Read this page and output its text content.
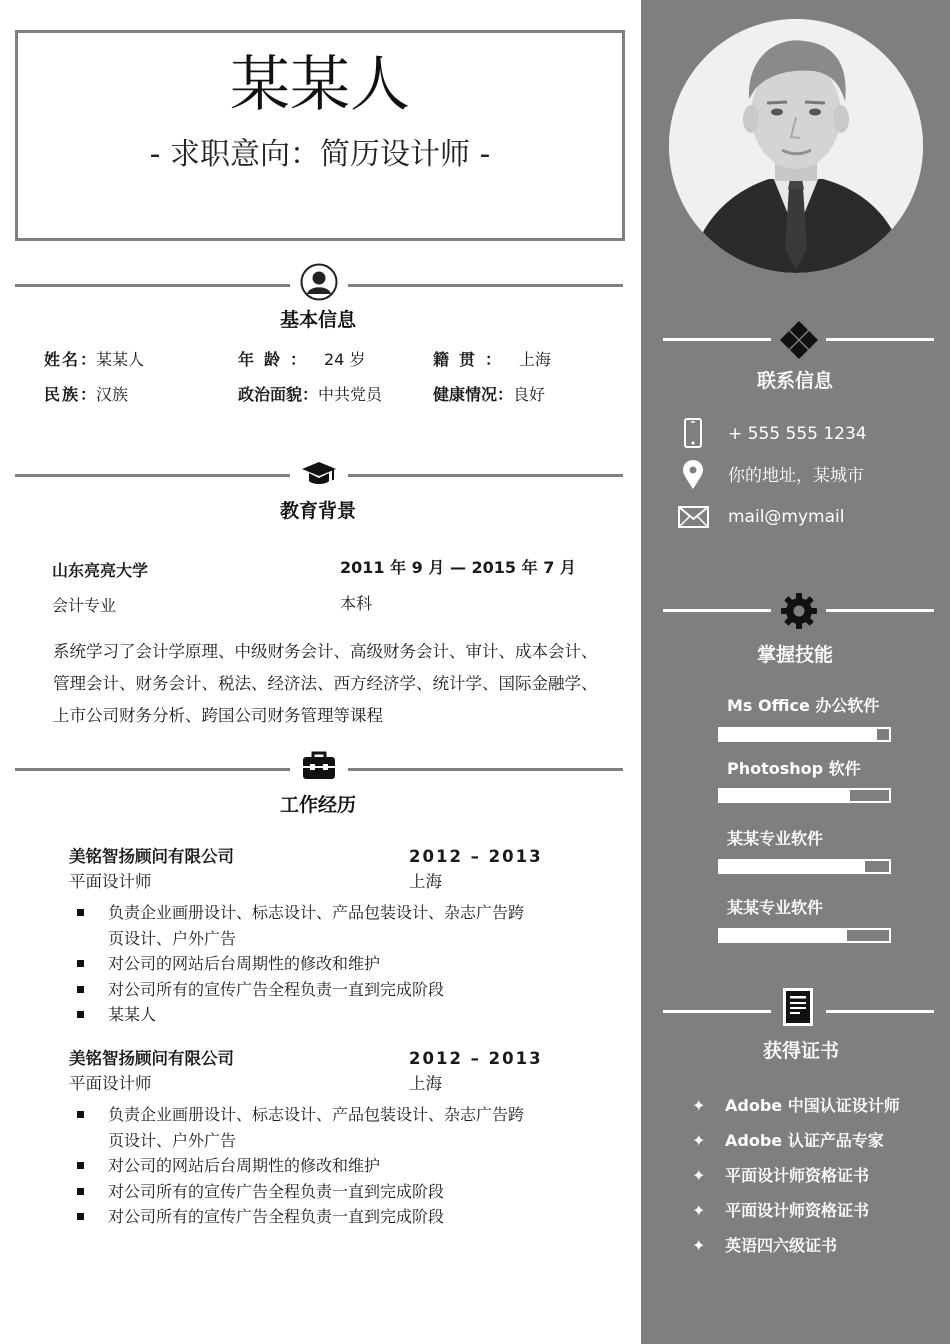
某某人
- 求职意向：简历设计师 -
基本信息
姓名：某某人	年龄： 24 岁	籍贯： 上海
民族：汉族	政治面貌：中共党员	健康情况：良好
教育背景
山东亮亮大学	2011 年 9 月 — 2015 年 7 月
会计专业	本科
系统学习了会计学原理、中级财务会计、高级财务会计、审计、成本会计、管理会计、财务会计、税法、经济法、西方经济学、统计学、国际金融学、上市公司财务分析、跨国公司财务管理等课程
工作经历
美铭智扬顾问有限公司	2012 – 2013
平面设计师	上海
负责企业画册设计、标志设计、产品包装设计、杂志广告跨页设计、户外广告
对公司的网站后台周期性的修改和维护
对公司所有的宣传广告全程负责一直到完成阶段
某某人
美铭智扬顾问有限公司	2012 – 2013
平面设计师	上海
负责企业画册设计、标志设计、产品包装设计、杂志广告跨页设计、户外广告
对公司的网站后台周期性的修改和维护
对公司所有的宣传广告全程负责一直到完成阶段
对公司所有的宣传广告全程负责一直到完成阶段
联系信息
+ 555 555 1234
你的地址，某城市
mail@mymail
掌握技能
Ms Office 办公软件
Photoshop 软件
某某专业软件
某某专业软件
获得证书
✦ Adobe 中国认证设计师
✦ Adobe 认证产品专家
✦ 平面设计师资格证书
✦ 平面设计师资格证书
✦ 英语四六级证书
